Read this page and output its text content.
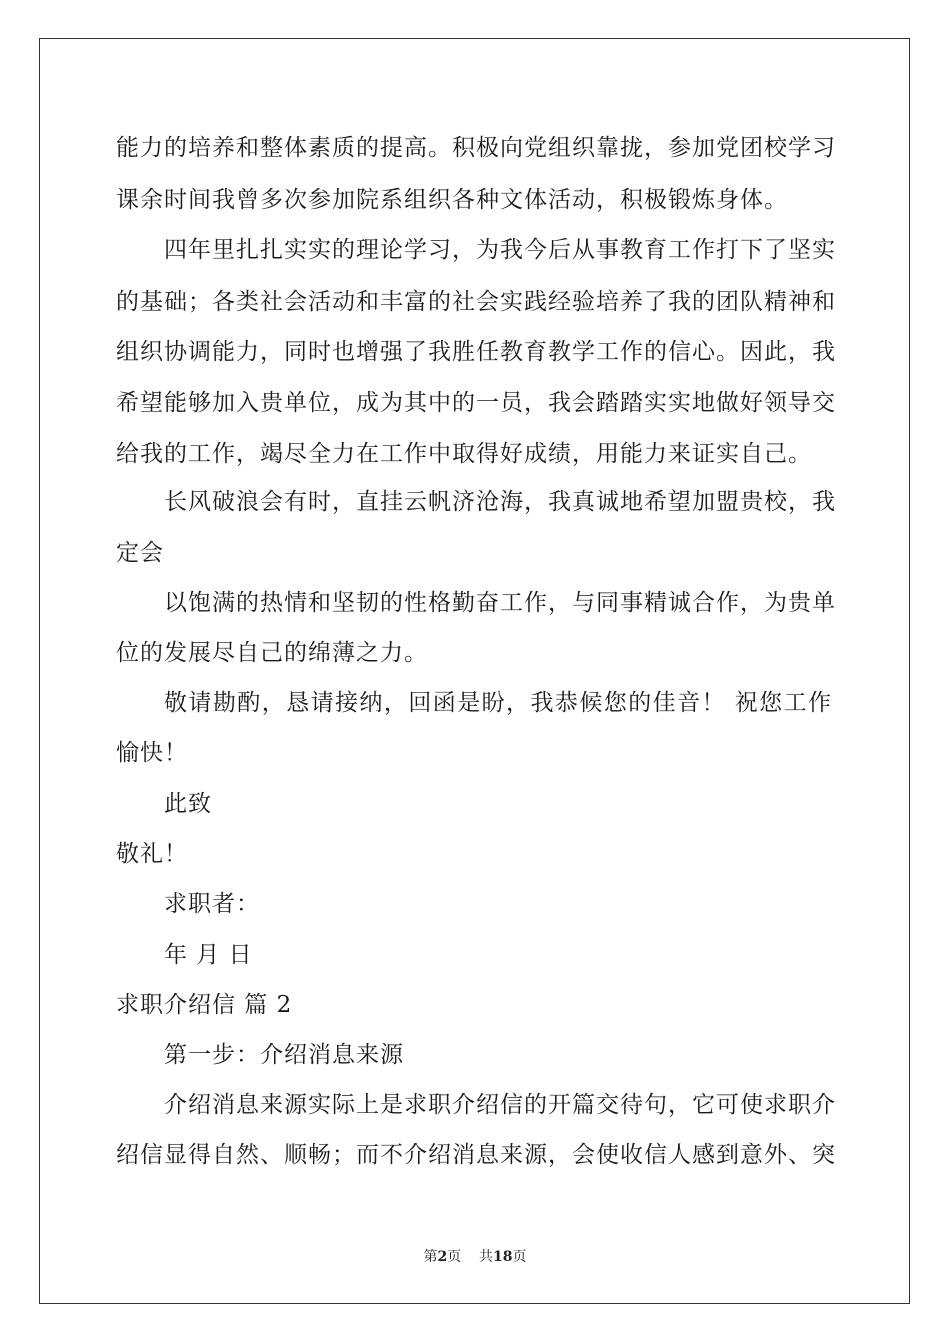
能力的培养和整体素质的提高。积极向党组织靠拢，参加党团校学习
课余时间我曾多次参加院系组织各种文体活动，积极锻炼身体。
四年里扎扎实实的理论学习，为我今后从事教育工作打下了坚实
的基础；各类社会活动和丰富的社会实践经验培养了我的团队精神和
组织协调能力，同时也增强了我胜任教育教学工作的信心。因此，我
希望能够加入贵单位，成为其中的一员，我会踏踏实实地做好领导交
给我的工作，竭尽全力在工作中取得好成绩，用能力来证实自己。
长风破浪会有时，直挂云帆济沧海，我真诚地希望加盟贵校，我
定会
以饱满的热情和坚韧的性格勤奋工作，与同事精诚合作，为贵单
位的发展尽自己的绵薄之力。
敬请勘酌，恳请接纳，回函是盼，我恭候您的佳音！ 祝您工作
愉快！
此致
敬礼！
求职者：
年 月 日
求职介绍信 篇 2
第一步：介绍消息来源
介绍消息来源实际上是求职介绍信的开篇交待句，它可使求职介
绍信显得自然、顺畅；而不介绍消息来源，会使收信人感到意外、突
第2页    共18页
